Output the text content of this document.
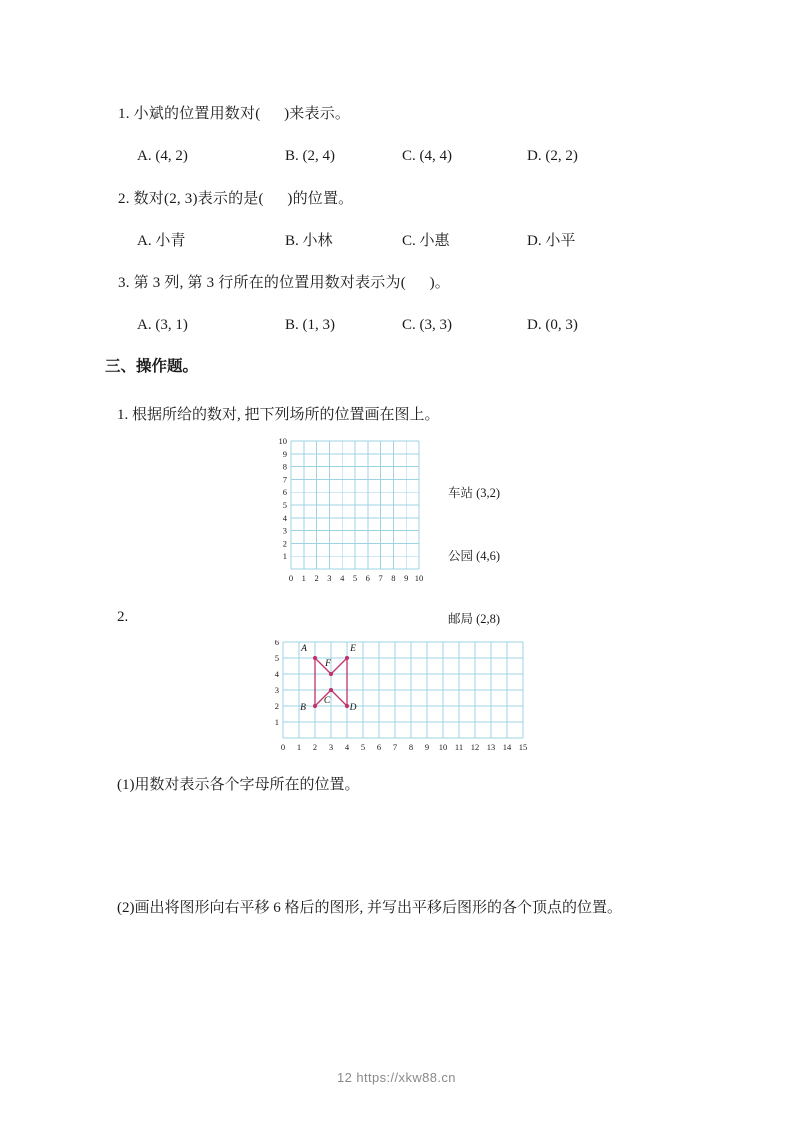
1. 小斌的位置用数对(      )来表示。
A. (4, 2)	B. (2, 4)	C. (4, 4)	D. (2, 2)
2. 数对(2, 3)表示的是(      )的位置。
A. 小青	B. 小林	C. 小惠	D. 小平
3. 第 3 列, 第 3 行所在的位置用数对表示为(      )。
A. (3, 1)	B. (1, 3)	C. (3, 3)	D. (0, 3)
三、操作题。
1. 根据所给的数对, 把下列场所的位置画在图上。
0 1 2 3 4 5 6 7 8 9 10
1
2
3
4
5
6
7
8
9
10

车站 (3,2)

公园 (4,6)

邮局 (2,8)

2.
0 1 2 3 4 5 6 7 8 9 10 11 12 13 14 15
1
2
3
4
5
6
A	E
F
C
B	D
(1)用数对表示各个字母所在的位置。
(2)画出将图形向右平移 6 格后的图形, 并写出平移后图形的各个顶点的位置。
12 https://xkw88.cn
